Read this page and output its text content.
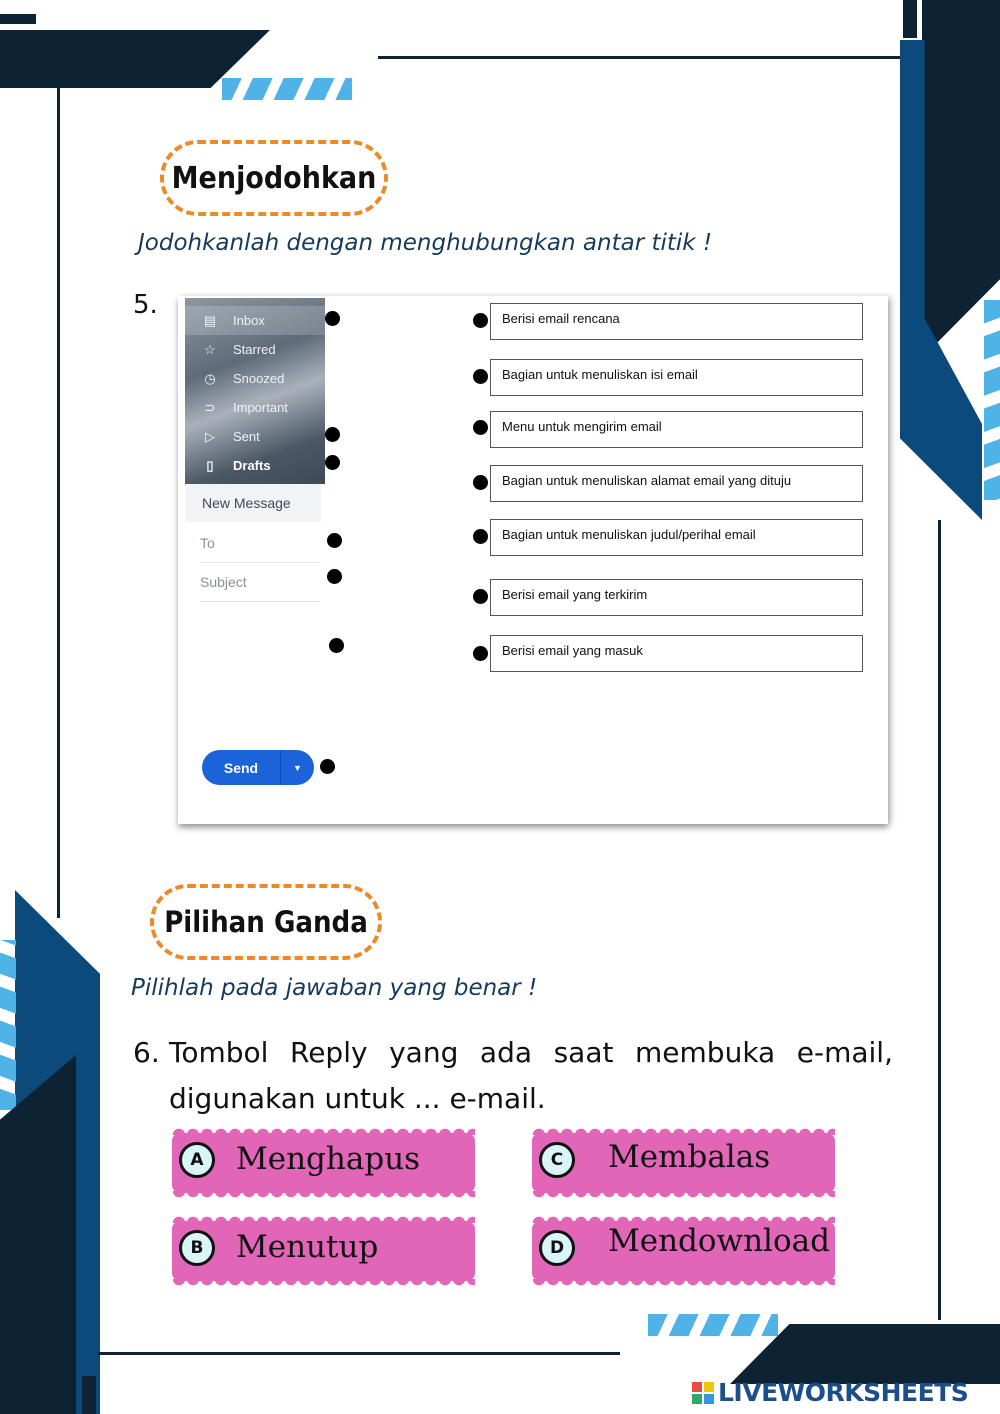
Menjodohkan
Jodohkanlah dengan menghubungkan antar titik !
5.	▤ Inbox
☆ Starred
◷ Snoozed
⊃ Important
▷ Sent
▯	Drafts
New Message
To
Subject
Send	▼
Berisi email rencana
Bagian untuk menuliskan isi email
Menu untuk mengirim email
Bagian untuk menuliskan alamat email yang dituju
Bagian untuk menuliskan judul/perihal email
Berisi email yang terkirim
Berisi email yang masuk
Pilihan Ganda
Pilihlah pada jawaban yang benar !
6. Tombol Reply yang ada saat membuka e-mail,
digunakan untuk ... e-mail.
A	Menghapus	C	Membalas
B	Menutup	D	Mendownload
LIVEWORKSHEETS
